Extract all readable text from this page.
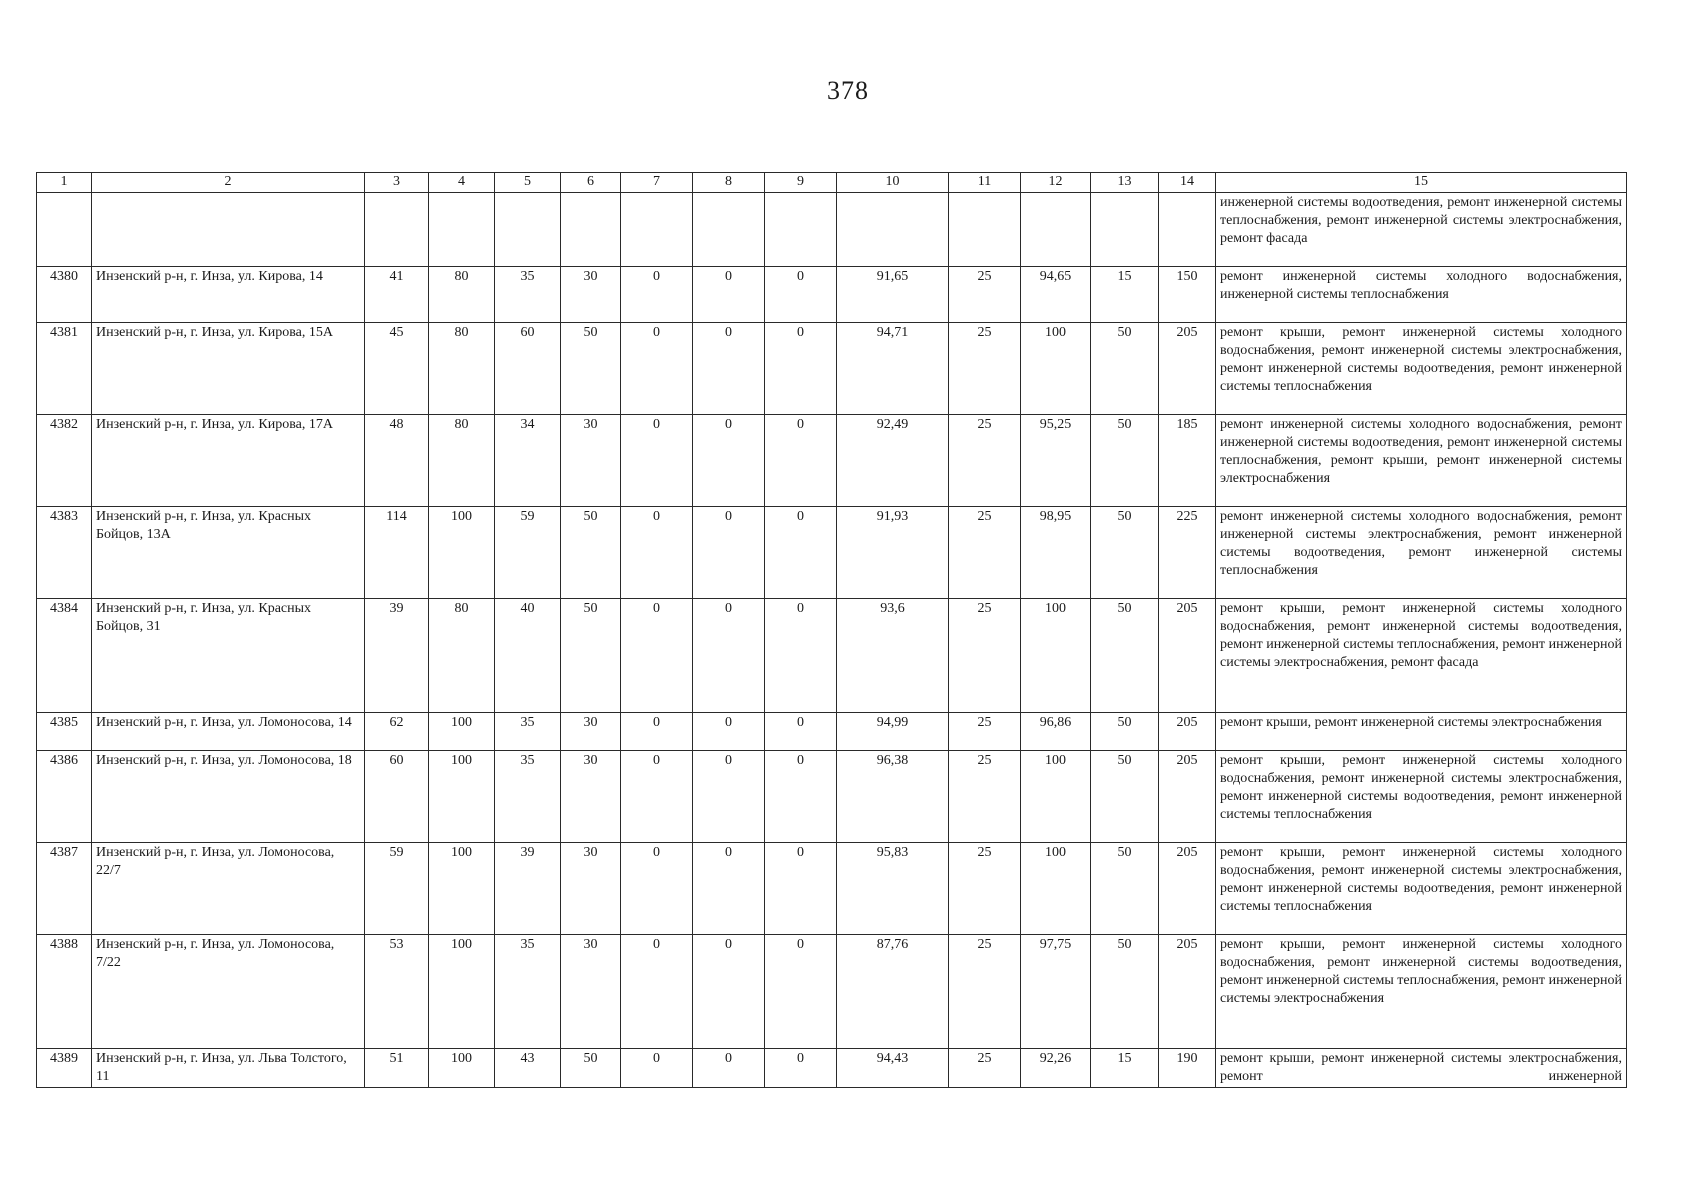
378
1	2	3	4	5	6	7	8	9	10	11	12	13	14	15
														инженерной системы водоотведения, ремонт инженерной системы теплоснабжения, ремонт инженерной системы электроснабжения, ремонт фасада
4380	Инзенский р-н, г. Инза, ул. Кирова, 14	41	80	35	30	0	0	0	91,65	25	94,65	15	150	ремонт инженерной системы холодного водоснабжения, инженерной системы теплоснабжения
4381	Инзенский р-н, г. Инза, ул. Кирова, 15А	45	80	60	50	0	0	0	94,71	25	100	50	205	ремонт крыши, ремонт инженерной системы холодного водоснабжения, ремонт инженерной системы электроснабжения, ремонт инженерной системы водоотведения, ремонт инженерной системы теплоснабжения
4382	Инзенский р-н, г. Инза, ул. Кирова, 17А	48	80	34	30	0	0	0	92,49	25	95,25	50	185	ремонт инженерной системы холодного водоснабжения, ремонт инженерной системы водоотведения, ремонт инженерной системы теплоснабжения, ремонт крыши, ремонт инженерной системы электроснабжения
4383	Инзенский р-н, г. Инза, ул. Красных Бойцов, 13А	114	100	59	50	0	0	0	91,93	25	98,95	50	225	ремонт инженерной системы холодного водоснабжения, ремонт инженерной системы электроснабжения, ремонт инженерной системы водоотведения, ремонт инженерной системы теплоснабжения
4384	Инзенский р-н, г. Инза, ул. Красных Бойцов, 31	39	80	40	50	0	0	0	93,6	25	100	50	205	ремонт крыши, ремонт инженерной системы холодного водоснабжения, ремонт инженерной системы водоотведения, ремонт инженерной системы теплоснабжения, ремонт инженерной системы электроснабжения, ремонт фасада
4385	Инзенский р-н, г. Инза, ул. Ломоносова, 14	62	100	35	30	0	0	0	94,99	25	96,86	50	205	ремонт крыши, ремонт инженерной системы электроснабжения
4386	Инзенский р-н, г. Инза, ул. Ломоносова, 18	60	100	35	30	0	0	0	96,38	25	100	50	205	ремонт крыши, ремонт инженерной системы холодного водоснабжения, ремонт инженерной системы электроснабжения, ремонт инженерной системы водоотведения, ремонт инженерной системы теплоснабжения
4387	Инзенский р-н, г. Инза, ул. Ломоносова, 22/7	59	100	39	30	0	0	0	95,83	25	100	50	205	ремонт крыши, ремонт инженерной системы холодного водоснабжения, ремонт инженерной системы электроснабжения, ремонт инженерной системы водоотведения, ремонт инженерной системы теплоснабжения
4388	Инзенский р-н, г. Инза, ул. Ломоносова, 7/22	53	100	35	30	0	0	0	87,76	25	97,75	50	205	ремонт крыши, ремонт инженерной системы холодного водоснабжения, ремонт инженерной системы водоотведения, ремонт инженерной системы теплоснабжения, ремонт инженерной системы электроснабжения
4389	Инзенский р-н, г. Инза, ул. Льва Толстого, 11	51	100	43	50	0	0	0	94,43	25	92,26	15	190	ремонт крыши, ремонт инженерной системы электроснабжения, ремонт инженерной
